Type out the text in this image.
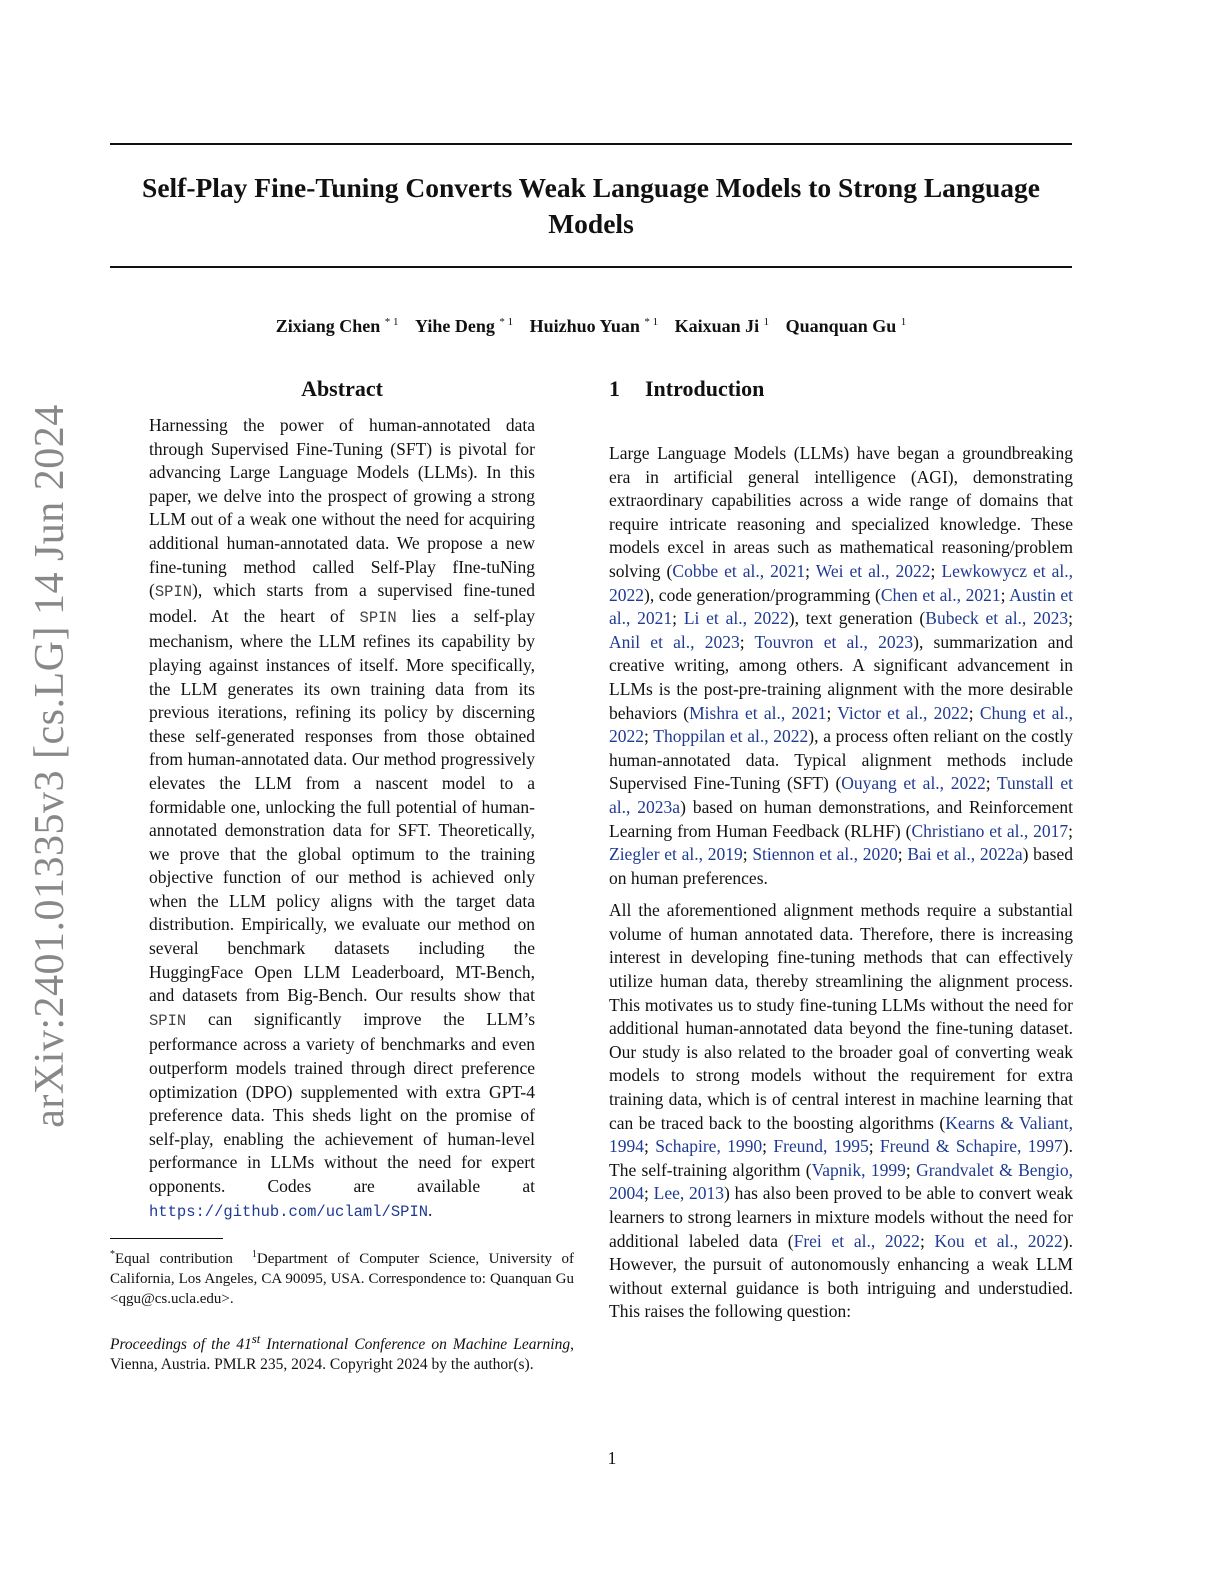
Self-Play Fine-Tuning Converts Weak Language Models to Strong Language Models
Zixiang Chen $^{* 1}$ Yihe Deng $^{* 1}$ Huizhuo Yuan $^{* 1}$ Kaixuan Ji $^1$ Quanquan Gu $^1$
arXiv:2401.01335v3 [cs.LG] 14 Jun 2024
Abstract

Harnessing the power of human-annotated data through Supervised Fine-Tuning (SFT) is pivotal for advancing Large Language Models (LLMs). In this paper, we delve into the prospect of growing a strong LLM out of a weak one without the need for acquiring additional human-annotated data. We propose a new fine-tuning method called Self-Play fIne-tuNing (SPIN), which starts from a supervised fine-tuned model. At the heart of SPIN lies a self-play mechanism, where the LLM refines its capability by playing against instances of itself. More specifically, the LLM generates its own training data from its previous iterations, refining its policy by discerning these self-generated responses from those obtained from human-annotated data. Our method progressively elevates the LLM from a nascent model to a formidable one, unlocking the full potential of human-annotated demonstration data for SFT. Theoretically, we prove that the global optimum to the training objective function of our method is achieved only when the LLM policy aligns with the target data distribution. Empirically, we evaluate our method on several benchmark datasets including the HuggingFace Open LLM Leaderboard, MT-Bench, and datasets from Big-Bench. Our results show that SPIN can significantly improve the LLM’s performance across a variety of benchmarks and even outperform models trained through direct preference optimization (DPO) supplemented with extra GPT-4 preference data. This sheds light on the promise of self-play, enabling the achievement of human-level performance in LLMs without the need for expert opponents. Codes are available at https://github.com/uclaml/SPIN.

*Equal contribution $^1$Department of Computer Science, University of California, Los Angeles, CA 90095, USA. Correspondence to: Quanquan Gu <qgu@cs.ucla.edu>.

Proceedings of the 41st International Conference on Machine Learning, Vienna, Austria. PMLR 235, 2024. Copyright 2024 by the author(s).

1 Introduction

Large Language Models (LLMs) have began a groundbreaking era in artificial general intelligence (AGI), demonstrating extraordinary capabilities across a wide range of domains that require intricate reasoning and specialized knowledge. These models excel in areas such as mathematical reasoning/problem solving (Cobbe et al., 2021; Wei et al., 2022; Lewkowycz et al., 2022), code generation/programming (Chen et al., 2021; Austin et al., 2021; Li et al., 2022), text generation (Bubeck et al., 2023; Anil et al., 2023; Touvron et al., 2023), summarization and creative writing, among others. A significant advancement in LLMs is the post-pre-training alignment with the more desirable behaviors (Mishra et al., 2021; Victor et al., 2022; Chung et al., 2022; Thoppilan et al., 2022), a process often reliant on the costly human-annotated data. Typical alignment methods include Supervised Fine-Tuning (SFT) (Ouyang et al., 2022; Tunstall et al., 2023a) based on human demonstrations, and Reinforcement Learning from Human Feedback (RLHF) (Christiano et al., 2017; Ziegler et al., 2019; Stiennon et al., 2020; Bai et al., 2022a) based on human preferences.

All the aforementioned alignment methods require a substantial volume of human annotated data. Therefore, there is increasing interest in developing fine-tuning methods that can effectively utilize human data, thereby streamlining the alignment process. This motivates us to study fine-tuning LLMs without the need for additional human-annotated data beyond the fine-tuning dataset. Our study is also related to the broader goal of converting weak models to strong models without the requirement for extra training data, which is of central interest in machine learning that can be traced back to the boosting algorithms (Kearns & Valiant, 1994; Schapire, 1990; Freund, 1995; Freund & Schapire, 1997). The self-training algorithm (Vapnik, 1999; Grandvalet & Bengio, 2004; Lee, 2013) has also been proved to be able to convert weak learners to strong learners in mixture models without the need for additional labeled data (Frei et al., 2022; Kou et al., 2022). However, the pursuit of autonomously enhancing a weak LLM without external guidance is both intriguing and understudied. This raises the following question:

1
